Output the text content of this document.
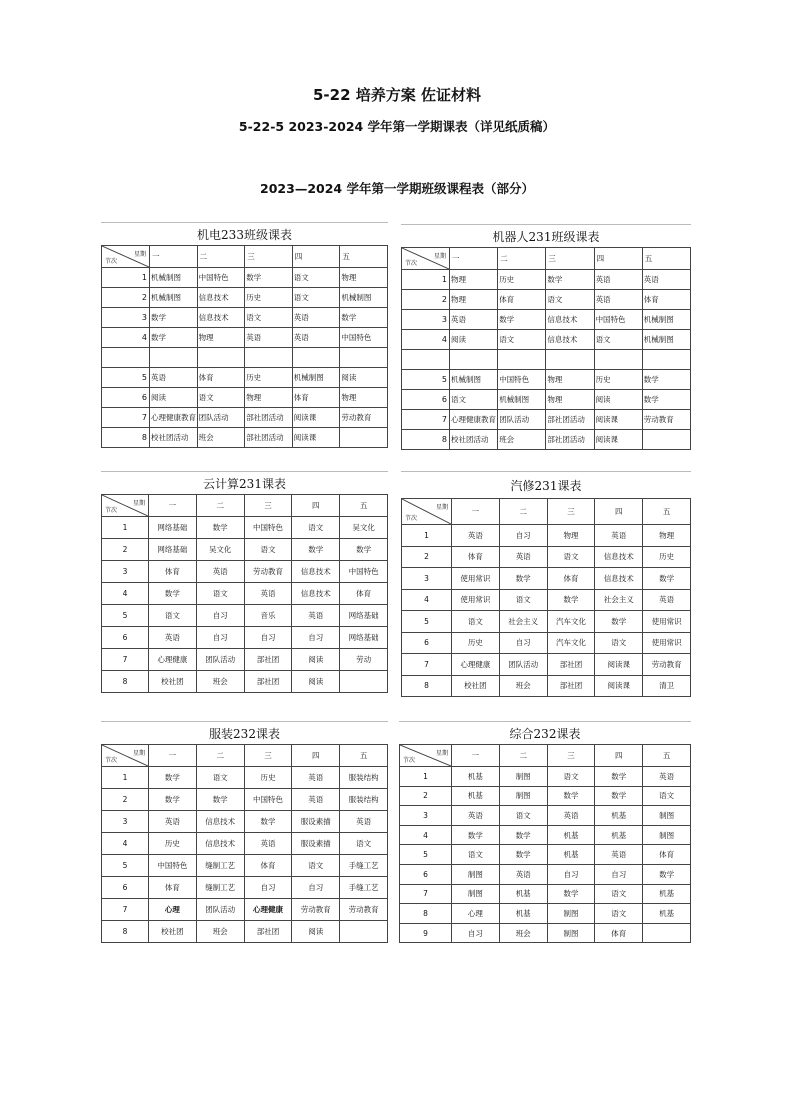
5-22 培养方案 佐证材料
5-22-5 2023-2024 学年第一学期课表（详见纸质稿）
2023—2024 学年第一学期班级课程表（部分）
机电233班级课表
节次
星期	一	二	三	四	五
1	机械制图	中国特色	数学	语文	物理
2	机械制图	信息技术	历史	语文	机械制图
3	数学	信息技术	语文	英语	数学
4	数学	物理	英语	英语	中国特色

5	英语	体育	历史	机械制图	阅读
6	阅读	语文	物理	体育	物理
7	心理健康教育	团队活动	部社团活动	阅读课	劳动教育
8	校社团活动	班会	部社团活动	阅读课	
机器人231班级课表
节次
星期	一	二	三	四	五
1	物理	历史	数学	英语	英语
2	物理	体育	语文	英语	体育
3	英语	数学	信息技术	中国特色	机械制图
4	阅读	语文	信息技术	语文	机械制图

5	机械制图	中国特色	物理	历史	数学
6	语文	机械制图	物理	阅读	数学
7	心理健康教育	团队活动	部社团活动	阅读课	劳动教育
8	校社团活动	班会	部社团活动	阅读课	
云计算231课表
节次
星期	一	二	三	四	五
1	网络基础	数学	中国特色	语文	吴文化
2	网络基础	吴文化	语文	数学	数学
3	体育	英语	劳动教育	信息技术	中国特色
4	数学	语文	英语	信息技术	体育
5	语文	自习	音乐	英语	网络基础
6	英语	自习	自习	自习	网络基础
7	心理健康	团队活动	部社团	阅读	劳动
8	校社团	班会	部社团	阅读	
汽修231课表
节次
星期	一	二	三	四	五
1	英语	自习	物理	英语	物理
2	体育	英语	语文	信息技术	历史
3	使用常识	数学	体育	信息技术	数学
4	使用常识	语文	数学	社会主义	英语
5	语文	社会主义	汽车文化	数学	使用常识
6	历史	自习	汽车文化	语文	使用常识
7	心理健康	团队活动	部社团	阅读课	劳动教育
8	校社团	班会	部社团	阅读课	清卫
服装232课表
节次
星期	一	二	三	四	五
1	数学	语文	历史	英语	服装结构
2	数学	数学	中国特色	英语	服装结构
3	英语	信息技术	数学	服设素描	英语
4	历史	信息技术	英语	服设素描	语文
5	中国特色	缝制工艺	体育	语文	手缝工艺
6	体育	缝制工艺	自习	自习	手缝工艺
7	心理	团队活动	心理健康	劳动教育	劳动教育
8	校社团	班会	部社团	阅读	
综合232课表
节次
星期	一	二	三	四	五
1	机基	制图	语文	数学	英语
2	机基	制图	数学	数学	语文
3	英语	语文	英语	机基	制图
4	数学	数学	机基	机基	制图
5	语文	数学	机基	英语	体育
6	制图	英语	自习	自习	数学
7	制图	机基	数学	语文	机基
8	心理	机基	制图	语文	机基
9	自习	班会	制图	体育	
